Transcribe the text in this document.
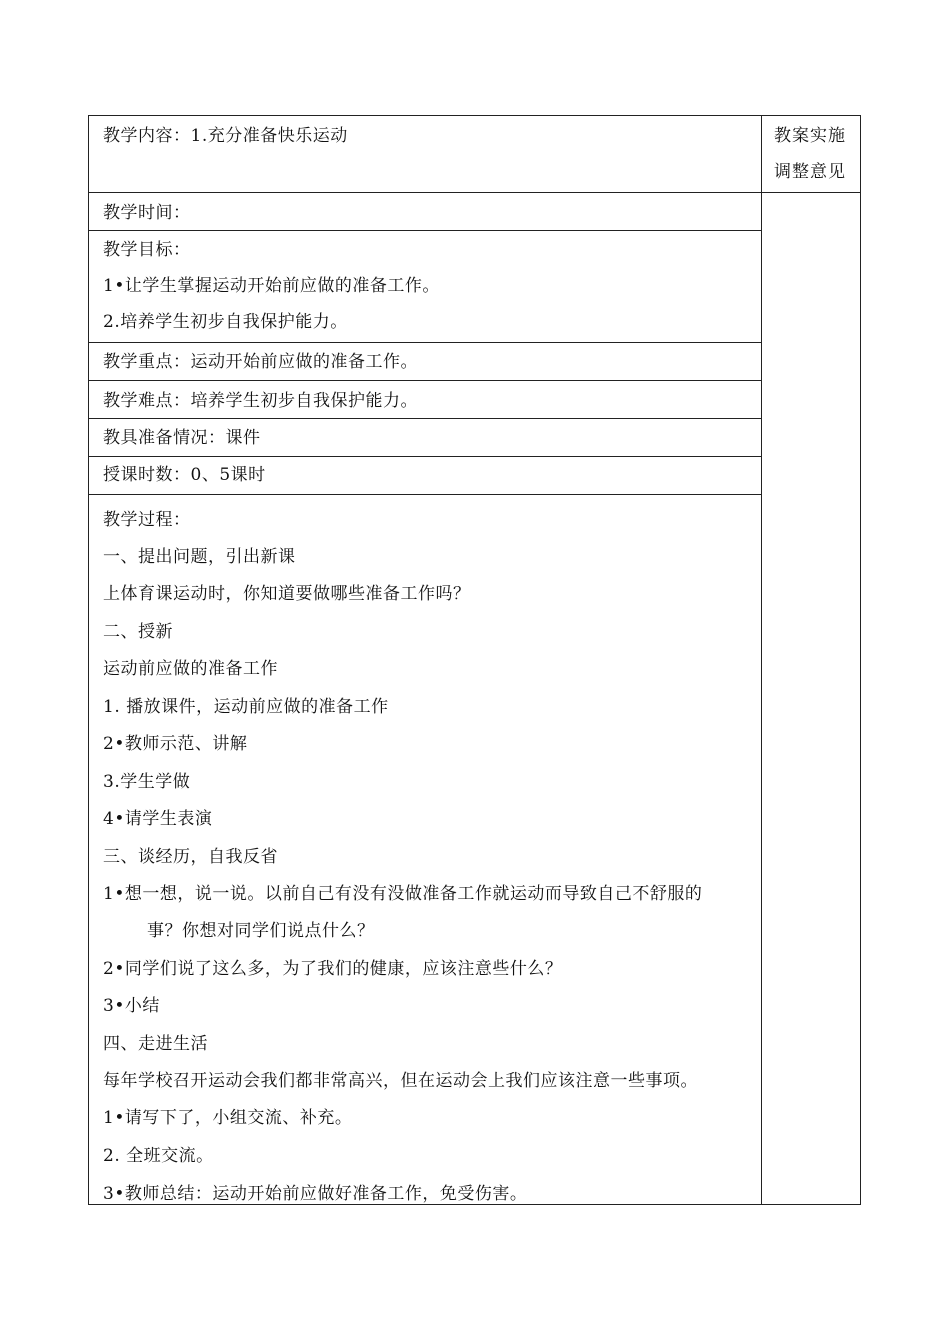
教学内容：1.充分准备快乐运动	教案实施
调整意见
教学时间：
教学目标：
1•让学生掌握运动开始前应做的准备工作。
2.培养学生初步自我保护能力。
教学重点：运动开始前应做的准备工作。
教学难点：培养学生初步自我保护能力。
教具准备情况：课件
授课时数：0、5课时
教学过程：
一、提出问题，引出新课
上体育课运动时，你知道要做哪些准备工作吗？
二、授新
运动前应做的准备工作
1. 播放课件，运动前应做的准备工作
2•教师示范、讲解
3.学生学做
4•请学生表演
三、谈经历，自我反省
1•想一想，说一说。以前自己有没有没做准备工作就运动而导致自己不舒服的
事？你想对同学们说点什么？
2•同学们说了这么多，为了我们的健康，应该注意些什么？
3•小结
四、走进生活
每年学校召开运动会我们都非常高兴，但在运动会上我们应该注意一些事项。
1•请写下了，小组交流、补充。
2. 全班交流。
3•教师总结：运动开始前应做好准备工作，免受伤害。
